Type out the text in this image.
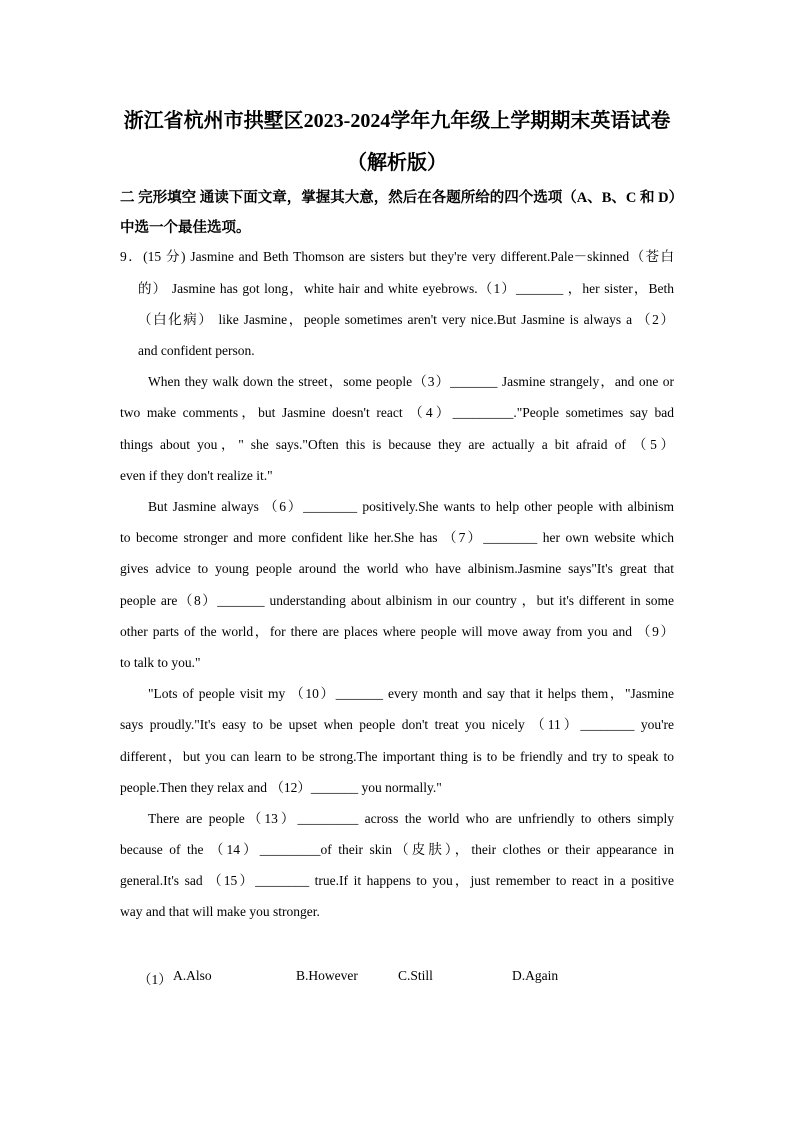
浙江省杭州市拱墅区2023-2024学年九年级上学期期末英语试卷
（解析版）
二 完形填空 通读下面文章，掌握其大意，然后在各题所给的四个选项（A、B、C 和 D）
中选一个最佳选项。
9．(15 分) Jasmine and Beth Thomson are sisters but they're very different.Pale－skinned（苍白
的） Jasmine has got long，white hair and white eyebrows.（1）_______ ，her sister，Beth
（白化病） like Jasmine，people sometimes aren't very nice.But Jasmine is always a （2）
and confident person.
When they walk down the street，some people（3）_______ Jasmine strangely，and one or
two make comments，but Jasmine doesn't react （4）_________."People sometimes say bad
things about you，" she says."Often this is because they are actually a bit afraid of （5）
even if they don't realize it."
But Jasmine always （6）________ positively.She wants to help other people with albinism
to become stronger and more confident like her.She has （7）________ her own website which
gives advice to young people around the world who have albinism.Jasmine says"It's great that
people are（8）_______ understanding about albinism in our country ，but it's different in some
other parts of the world，for there are places where people will move away from you and （9）
to talk to you."
"Lots of people visit my （10）_______ every month and say that it helps them，"Jasmine
says proudly."It's easy to be upset when people don't treat you nicely （11）________ you're
different，but you can learn to be strong.The important thing is to be friendly and try to speak to
people.Then they relax and （12）_______ you normally."
There are people（13）_________ across the world who are unfriendly to others simply
because of the （14）_________of their skin（皮肤），their clothes or their appearance in
general.It's sad （15）________ true.If it happens to you，just remember to react in a positive
way and that will make you stronger.
（1） A.Also	B.However	C.Still	D.Again
